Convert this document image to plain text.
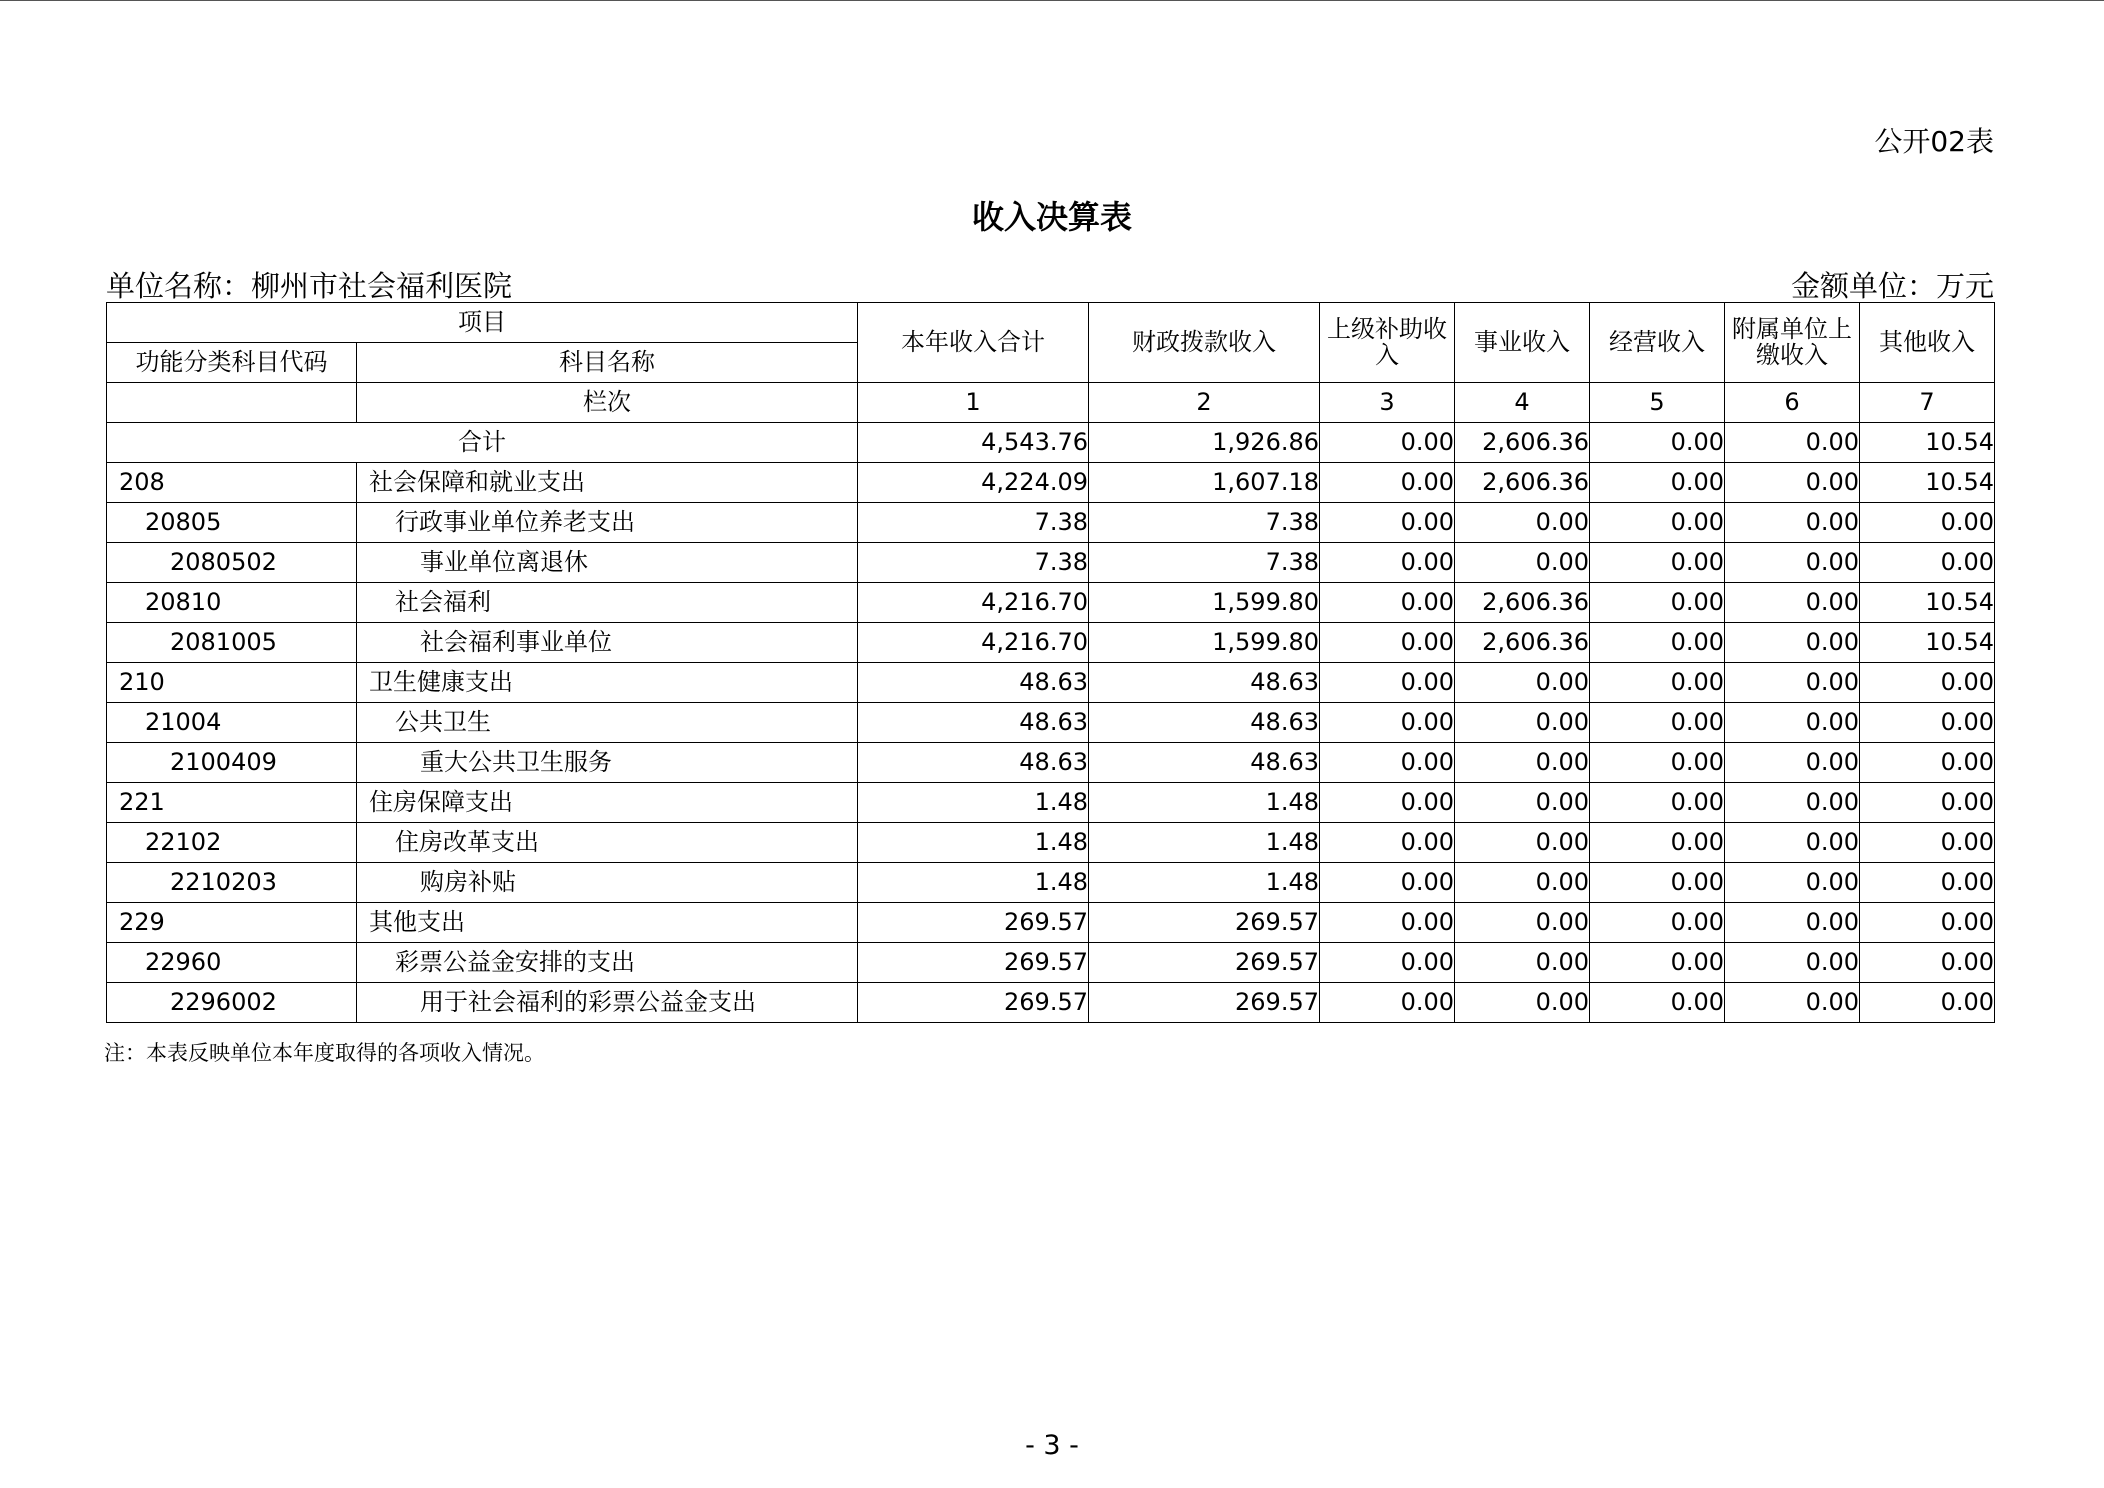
公开02表
收入决算表
单位名称：柳州市社会福利医院	金额单位：万元
项目		本年收入合计	财政拨款收入	上级补助收入	事业收入	经营收入	附属单位上缴收入	其他收入
功能分类科目代码	科目名称							
	栏次	1	2	3	4	5	6	7
合计		4,543.76	1,926.86	0.00	2,606.36	0.00	0.00	10.54
208	社会保障和就业支出	4,224.09	1,607.18	0.00	2,606.36	0.00	0.00	10.54
20805	行政事业单位养老支出	7.38	7.38	0.00	0.00	0.00	0.00	0.00
2080502	事业单位离退休	7.38	7.38	0.00	0.00	0.00	0.00	0.00
20810	社会福利	4,216.70	1,599.80	0.00	2,606.36	0.00	0.00	10.54
2081005	社会福利事业单位	4,216.70	1,599.80	0.00	2,606.36	0.00	0.00	10.54
210	卫生健康支出	48.63	48.63	0.00	0.00	0.00	0.00	0.00
21004	公共卫生	48.63	48.63	0.00	0.00	0.00	0.00	0.00
2100409	重大公共卫生服务	48.63	48.63	0.00	0.00	0.00	0.00	0.00
221	住房保障支出	1.48	1.48	0.00	0.00	0.00	0.00	0.00
22102	住房改革支出	1.48	1.48	0.00	0.00	0.00	0.00	0.00
2210203	购房补贴	1.48	1.48	0.00	0.00	0.00	0.00	0.00
229	其他支出	269.57	269.57	0.00	0.00	0.00	0.00	0.00
22960	彩票公益金安排的支出	269.57	269.57	0.00	0.00	0.00	0.00	0.00
2296002	用于社会福利的彩票公益金支出	269.57	269.57	0.00	0.00	0.00	0.00	0.00
注：本表反映单位本年度取得的各项收入情况。
- 3 -
